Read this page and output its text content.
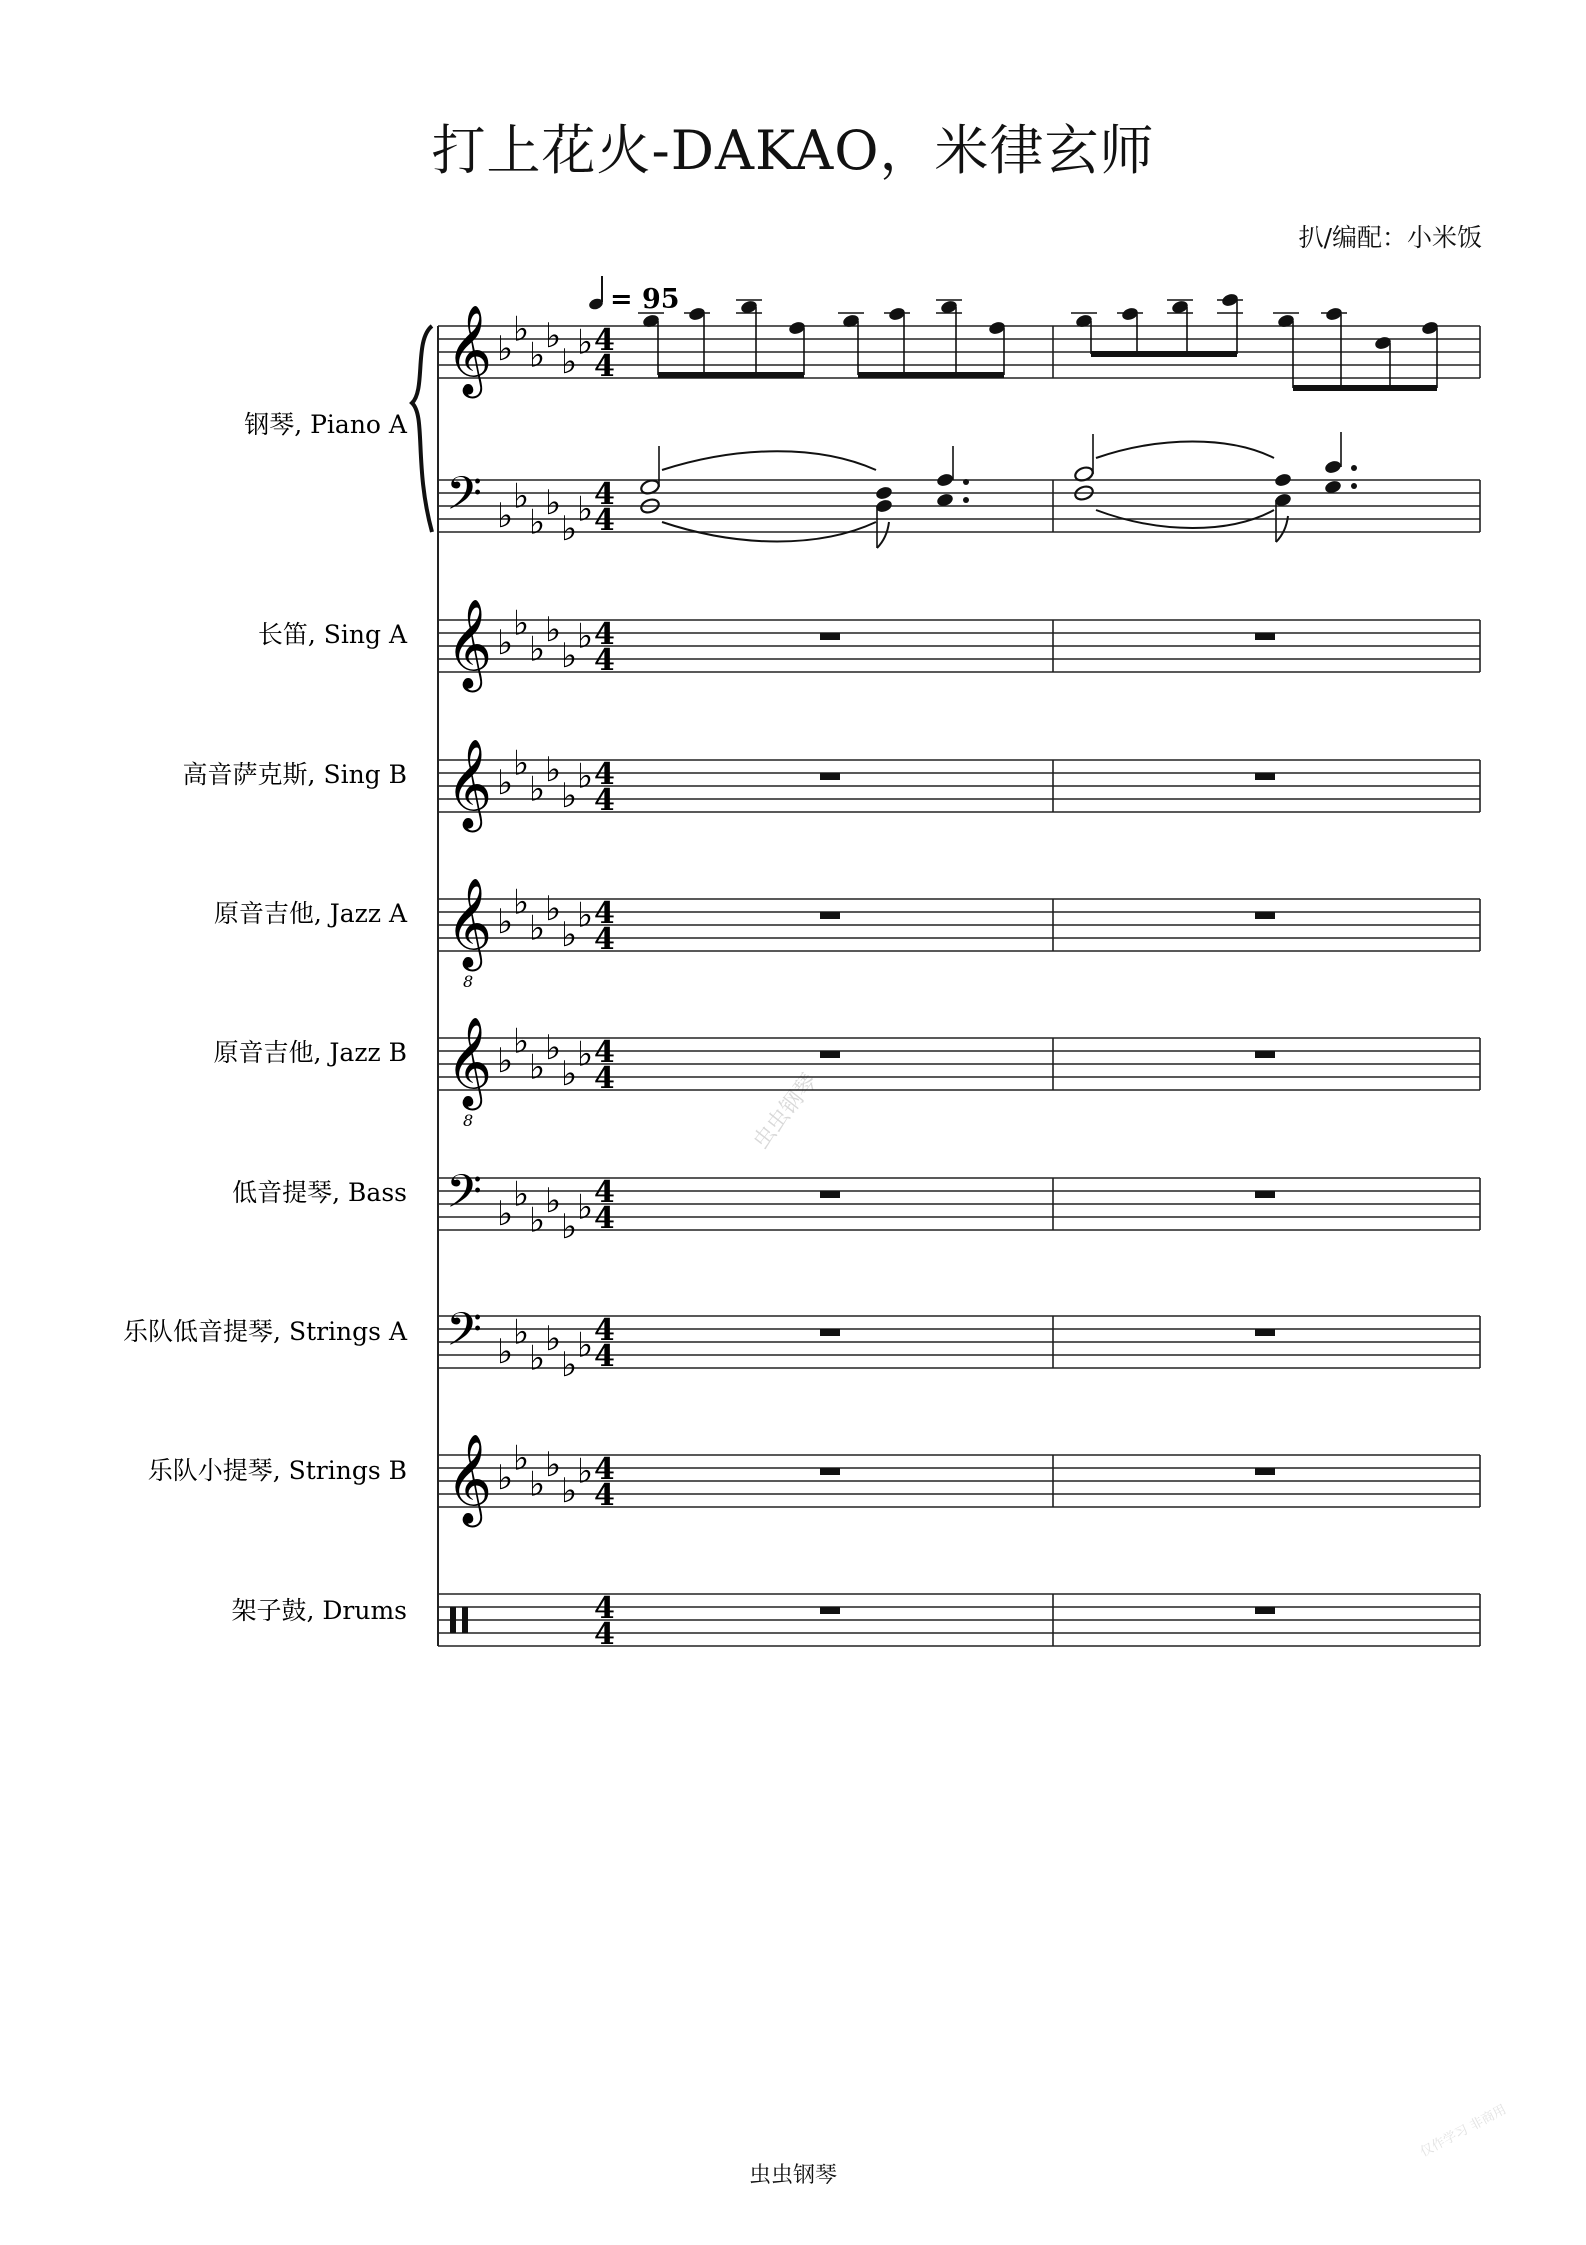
打上花火-DAKAO，米律玄师
扒/编配：小米饭
虫虫钢琴
𝄞 ♭ ♭
♭ ♭
♭ ♭ 4
4
𝄢 ♭ ♭
♭ ♭
♭ ♭ 4
4
𝄞 ♭ ♭
♭ ♭
♭ ♭ 4
4
𝄞 ♭ ♭
♭ ♭
♭ ♭ 4
4
𝄞
8
♭ ♭
♭ ♭
♭ ♭ 4
4
𝄞
8
♭ ♭
♭ ♭
♭ ♭ 4
4
𝄢 ♭ ♭
♭ ♭
♭ ♭ 4
4
𝄢 ♭ ♭
♭ ♭
♭ ♭ 4
4
𝄞 ♭ ♭
♭ ♭
♭ ♭ 4
4
4
4
钢琴, Piano A
长笛, Sing A
高音萨克斯, Sing B
原音吉他, Jazz A
原音吉他, Jazz B
低音提琴, Bass
乐队低音提琴, Strings A
乐队小提琴, Strings B
架子鼓, Drums
= 95
虫虫钢琴
仅作学习 非商用
